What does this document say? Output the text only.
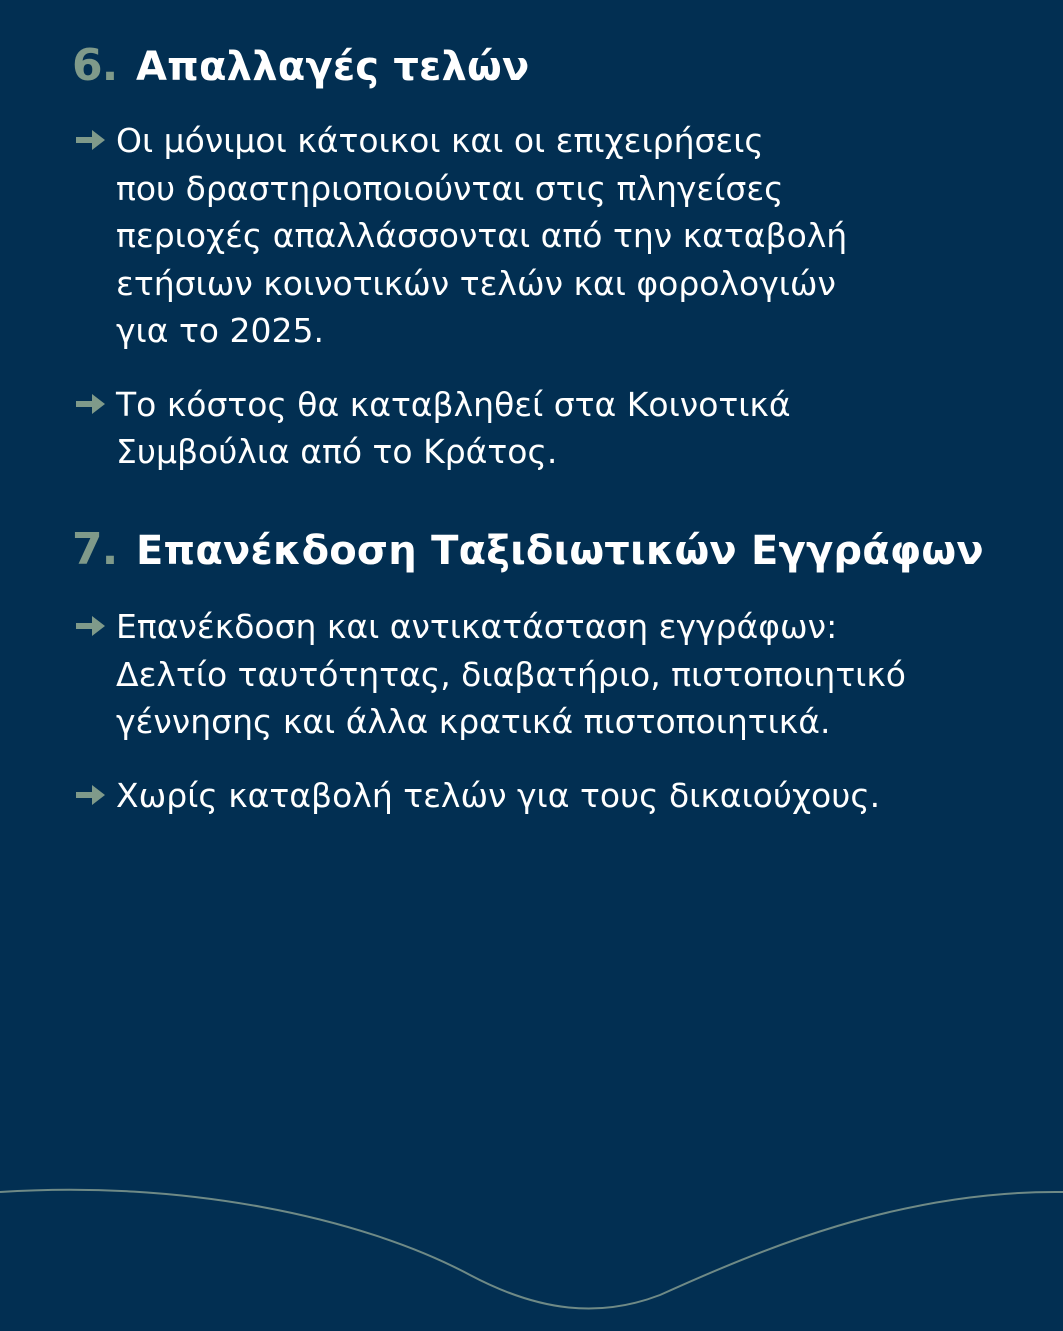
6. Απαλλαγές τελών
Οι μόνιμοι κάτοικοι και οι επιχειρήσεις
που δραστηριοποιούνται στις πληγείσες
περιοχές απαλλάσσονται από την καταβολή
ετήσιων κοινοτικών τελών και φορολογιών
για το 2025.
Το κόστος θα καταβληθεί στα Κοινοτικά
Συμβούλια από το Κράτος.
7. Επανέκδοση Ταξιδιωτικών Εγγράφων
Επανέκδοση και αντικατάσταση εγγράφων:
Δελτίο ταυτότητας, διαβατήριο, πιστοποιητικό
γέννησης και άλλα κρατικά πιστοποιητικά.
Χωρίς καταβολή τελών για τους δικαιούχους.
